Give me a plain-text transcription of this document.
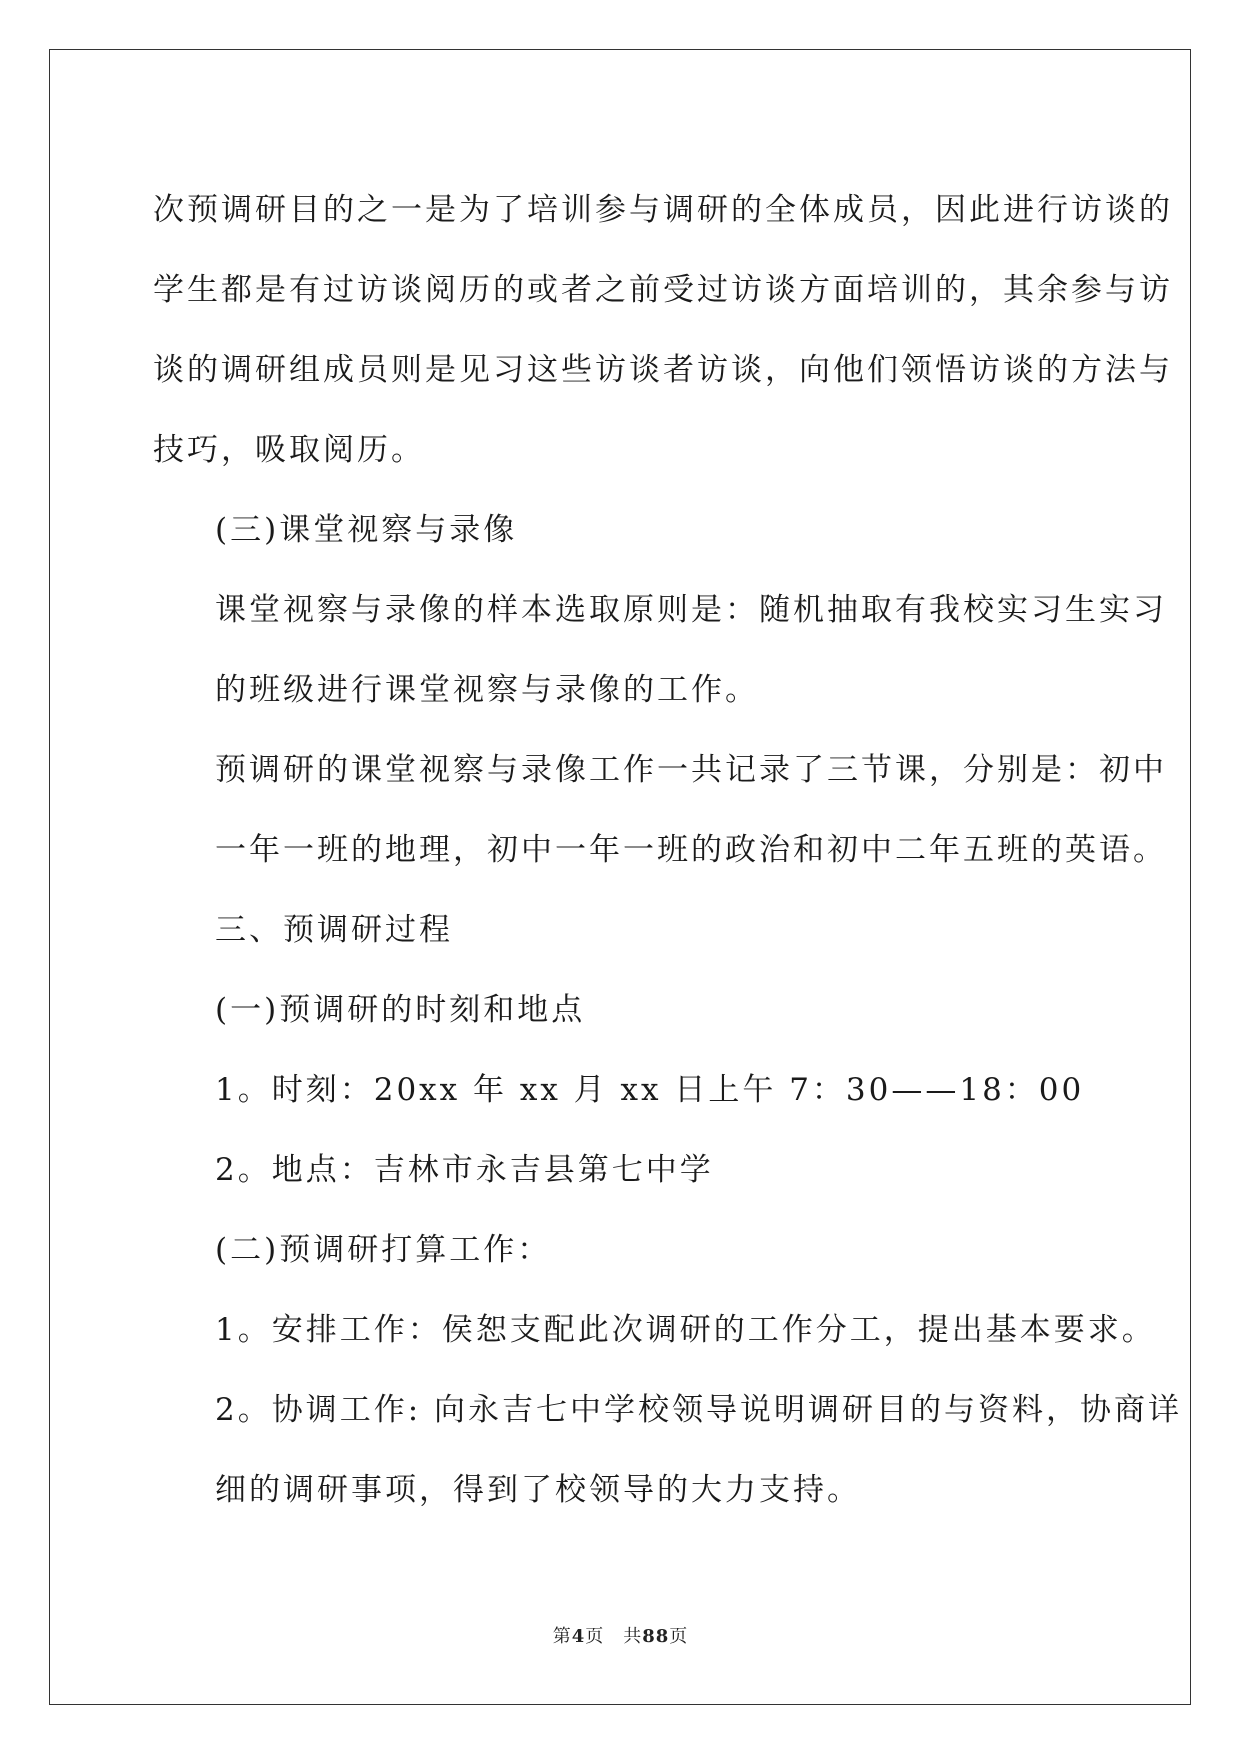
次预调研目的之一是为了培训参与调研的全体成员，因此进行访谈的
学生都是有过访谈阅历的或者之前受过访谈方面培训的，其余参与访
谈的调研组成员则是见习这些访谈者访谈，向他们领悟访谈的方法与
技巧，吸取阅历。

(三)课堂视察与录像

课堂视察与录像的样本选取原则是：随机抽取有我校实习生实习
的班级进行课堂视察与录像的工作。

预调研的课堂视察与录像工作一共记录了三节课，分别是：初中
一年一班的地理，初中一年一班的政治和初中二年五班的英语。

三、预调研过程

(一)预调研的时刻和地点

1。时刻：20xx 年 xx 月 xx 日上午 7：30——18：00

2。地点：吉林市永吉县第七中学

(二)预调研打算工作：

1。安排工作：侯恕支配此次调研的工作分工，提出基本要求。

2。协调工作: 向永吉七中学校领导说明调研目的与资料，协商详
细的调研事项，得到了校领导的大力支持。

第4页　共88页
